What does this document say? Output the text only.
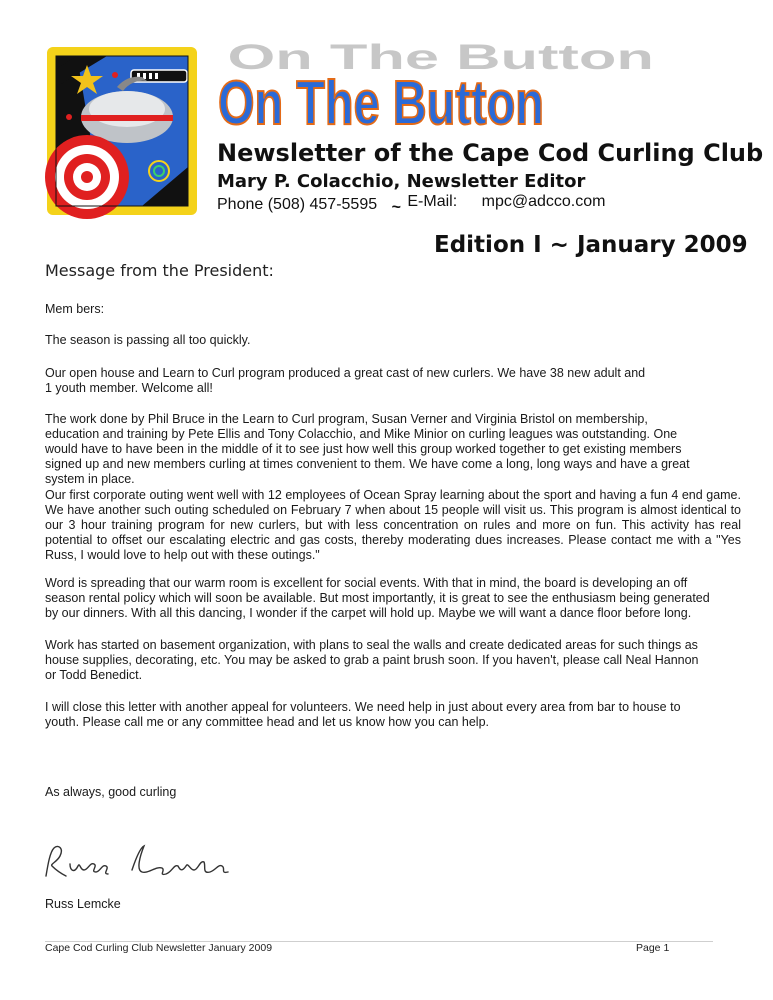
On The Button
On The Button
Newsletter of the Cape Cod Curling Club
Mary P. Colacchio, Newsletter Editor
Phone (508) 457-5595 ~ E-Mail: mpc@adcco.com
Edition I ~ January 2009
Message from the President:

Mem bers:

The season is passing all too quickly.

Our open house and Learn to Curl program produced a great cast of new curlers. We have 38 new adult and 1 youth member. Welcome all!

The work done by Phil Bruce in the Learn to Curl program, Susan Verner and Virginia Bristol on membership, education and training by Pete Ellis and Tony Colacchio, and Mike Minior on curling leagues was outstanding. One would have to have been in the middle of it to see just how well this group worked together to get existing members signed up and new members curling at times convenient to them. We have come a long, long ways and have a great system in place.

Our first corporate outing went well with 12 employees of Ocean Spray learning about the sport and having a fun 4 end game. We have another such outing scheduled on February 7 when about 15 people will visit us. This program is almost identical to our 3 hour training program for new curlers, but with less concentration on rules and more on fun. This activity has real potential to offset our escalating electric and gas costs, thereby moderating dues increases. Please contact me with a "Yes Russ, I would love to help out with these outings."

Word is spreading that our warm room is excellent for social events. With that in mind, the board is developing an off season rental policy which will soon be available. But most importantly, it is great to see the enthusiasm being generated by our dinners. With all this dancing, I wonder if the carpet will hold up. Maybe we will want a dance floor before long.

Work has started on basement organization, with plans to seal the walls and create dedicated areas for such things as house supplies, decorating, etc. You may be asked to grab a paint brush soon. If you haven't, please call Neal Hannon or Todd Benedict.

I will close this letter with another appeal for volunteers. We need help in just about every area from bar to house to youth. Please call me or any committee head and let us know how you can help.

As always, good curling

Russ Lemcke

Cape Cod Curling Club Newsletter January 2009	Page 1
